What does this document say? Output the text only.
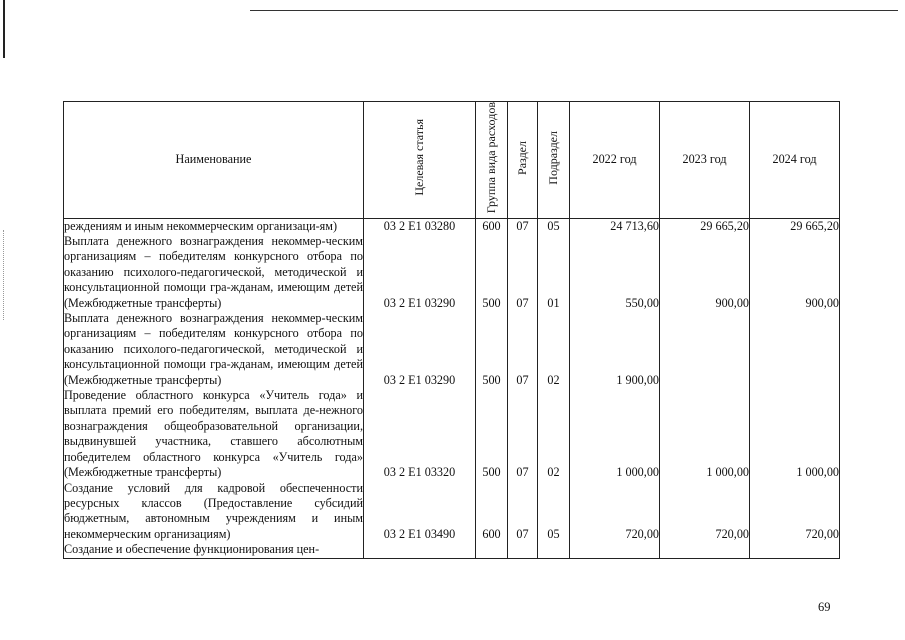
Наименование	Целевая статья	Группа вида расходов	Раздел	Подраздел	2022 год	2023 год	2024 год
реждениям и иным некоммерческим организаци-ям)	03 2 E1 03280	600	07	05	24 713,60	29 665,20	29 665,20
Выплата денежного вознаграждения некоммер-ческим организациям – победителям конкурсного отбора по оказанию психолого-педагогической, методической и консультационной помощи гра-жданам, имеющим детей (Межбюджетные трансферты)	03 2 E1 03290	500	07	01	550,00	900,00	900,00
Выплата денежного вознаграждения некоммер-ческим организациям – победителям конкурсного отбора по оказанию психолого-педагогической, методической и консультационной помощи гра-жданам, имеющим детей (Межбюджетные трансферты)	03 2 E1 03290	500	07	02	1 900,00		
Проведение областного конкурса «Учитель года» и выплата премий его победителям, выплата де-нежного вознаграждения общеобразовательной организации, выдвинувшей участника, ставшего абсолютным победителем областного конкурса «Учитель года» (Межбюджетные трансферты)	03 2 E1 03320	500	07	02	1 000,00	1 000,00	1 000,00
Создание условий для кадровой обеспеченности ресурсных классов (Предоставление субсидий бюджетным, автономным учреждениям и иным некоммерческим организациям)	03 2 E1 03490	600	07	05	720,00	720,00	720,00
Создание и обеспечение функционирования цен-							
69
